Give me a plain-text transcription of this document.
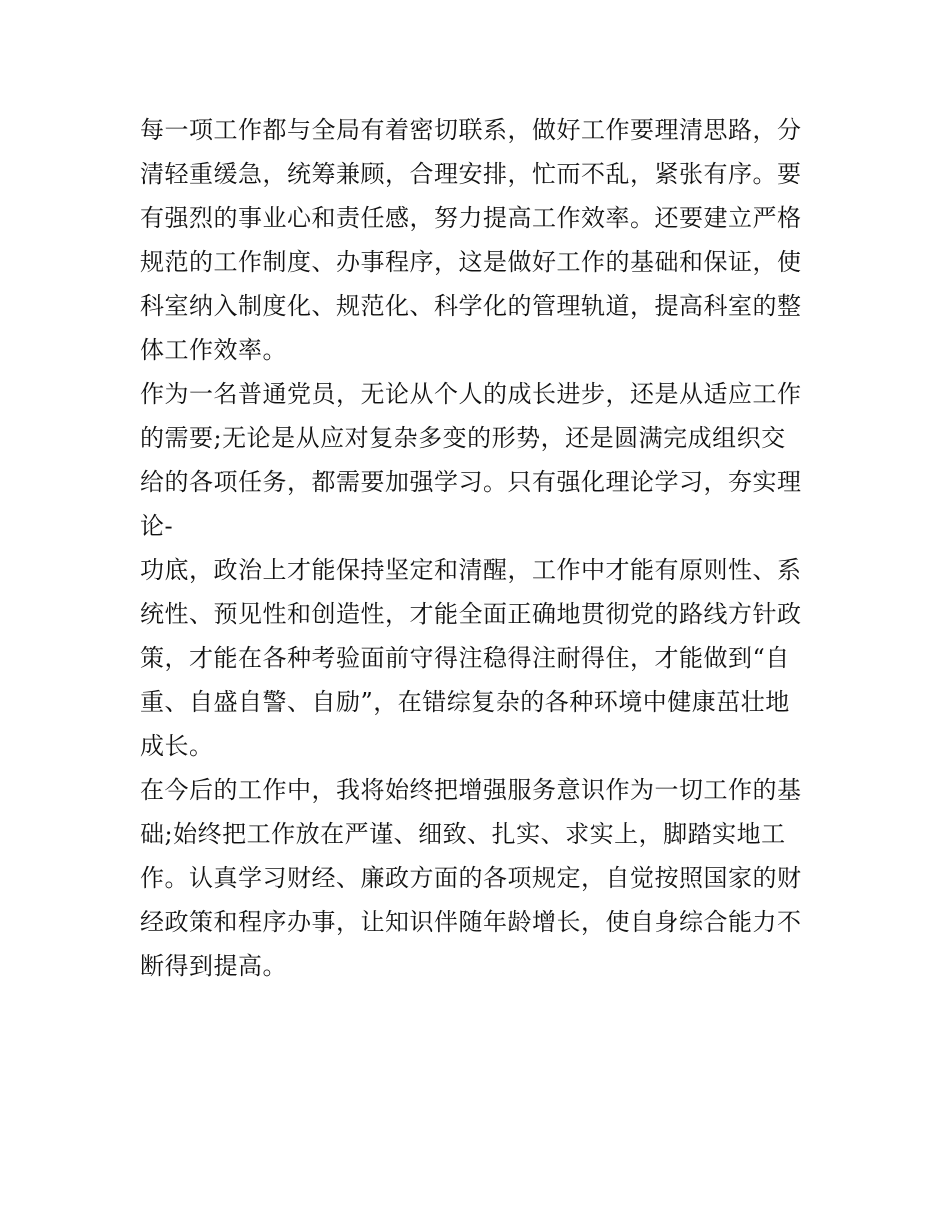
每一项工作都与全局有着密切联系，做好工作要理清思路，分
清轻重缓急，统筹兼顾，合理安排，忙而不乱，紧张有序。要
有强烈的事业心和责任感，努力提高工作效率。还要建立严格
规范的工作制度、办事程序，这是做好工作的基础和保证，使
科室纳入制度化、规范化、科学化的管理轨道，提高科室的整
体工作效率。
作为一名普通党员，无论从个人的成长进步，还是从适应工作
的需要;无论是从应对复杂多变的形势，还是圆满完成组织交
给的各项任务，都需要加强学习。只有强化理论学习，夯实理
论-
功底，政治上才能保持坚定和清醒，工作中才能有原则性、系
统性、预见性和创造性，才能全面正确地贯彻党的路线方针政
策，才能在各种考验面前守得注稳得注耐得住，才能做到“自
重、自盛自警、自励”，在错综复杂的各种环境中健康茁壮地
成长。
在今后的工作中，我将始终把增强服务意识作为一切工作的基
础;始终把工作放在严谨、细致、扎实、求实上，脚踏实地工
作。认真学习财经、廉政方面的各项规定，自觉按照国家的财
经政策和程序办事，让知识伴随年龄增长，使自身综合能力不
断得到提高。
